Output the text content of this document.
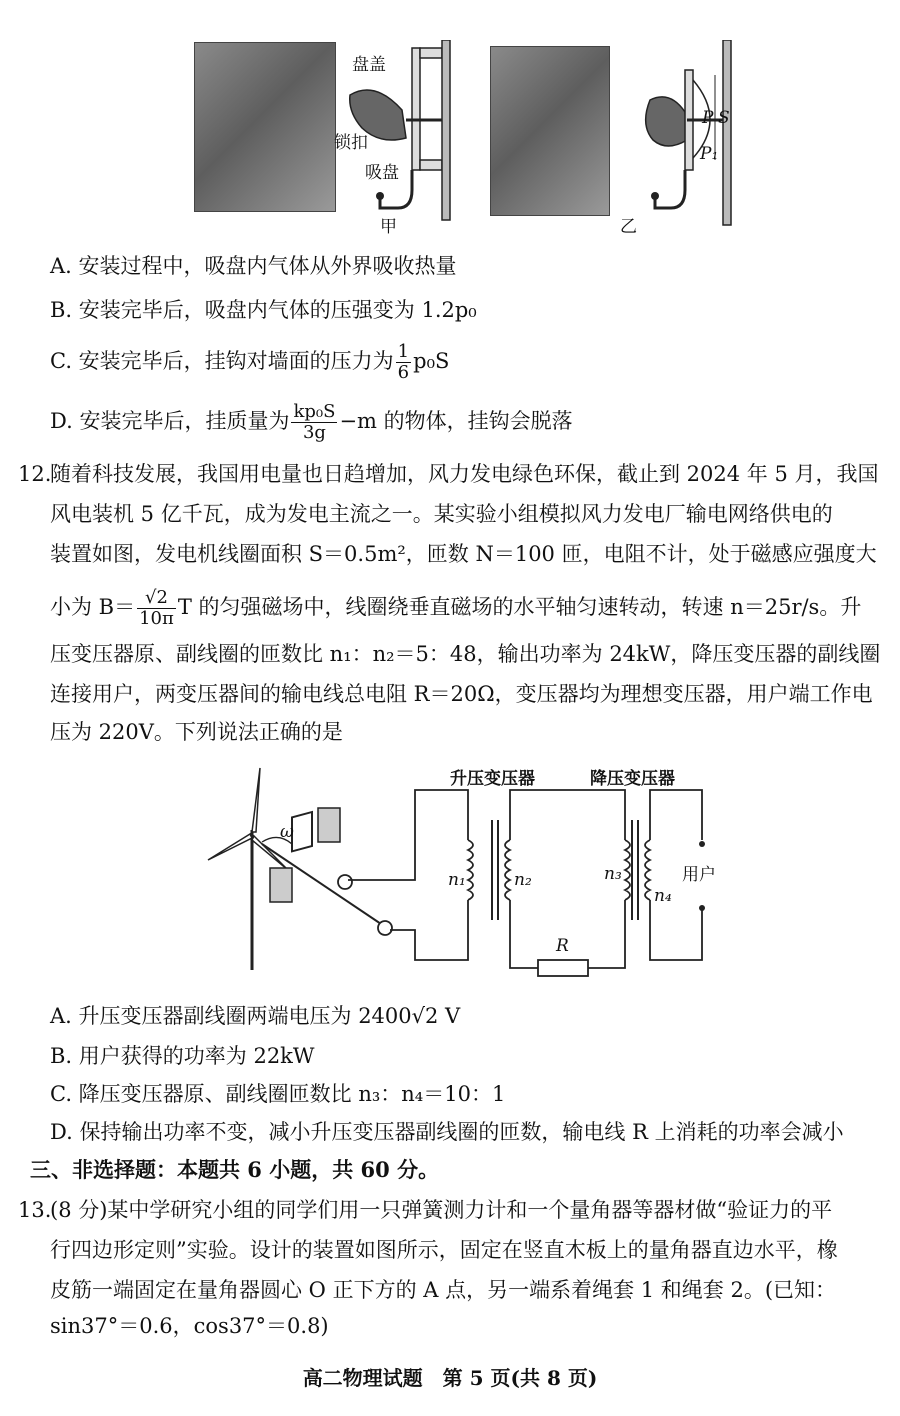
盘盖
锁扣
吸盘
甲
P S
P₁
乙
A. 安装过程中，吸盘内气体从外界吸收热量
B. 安装完毕后，吸盘内气体的压强变为 1.2p₀
C. 安装完毕后，挂钩对墙面的压力为 $\frac{1}{6} p_0S$
D. 安装完毕后，挂质量为 $\frac{\text{kp₀S}}{3g} -m$ 的物体，挂钩会脱落
12.
随着科技发展，我国用电量也日趋增加，风力发电绿色环保，截止到 2024 年 5 月，我国
风电装机 5 亿千瓦，成为发电主流之一。某实验小组模拟风力发电厂输电网络供电的
装置如图，发电机线圈面积 S＝0.5m²，匝数 N＝100 匝，电阻不计，处于磁感应强度大
小为 $B= \frac{√2}{10\pi}$ T 的匀强磁场中，线圈绕垂直磁场的水平轴匀速转动，转速 n＝25r/s。升
压变压器原、副线圈的匝数比 n₁：n₂＝5：48，输出功率为 24kW，降压变压器的副线圈
连接用户，两变压器间的输电线总电阻 R＝20Ω，变压器均为理想变压器，用户端工作电
压为 220V。下列说法正确的是
升压变压器	降压变压器
ω
n₁	n₂	n₃
n₄
用户
R
A. 升压变压器副线圈两端电压为 2400√2 V
B. 用户获得的功率为 22kW
C. 降压变压器原、副线圈匝数比 n₃：n₄＝10：1
D. 保持输出功率不变，减小升压变压器副线圈的匝数，输电线 R 上消耗的功率会减小
三、非选择题：本题共 6 小题，共 60 分。
13.
(8 分)某中学研究小组的同学们用一只弹簧测力计和一个量角器等器材做“验证力的平
行四边形定则”实验。设计的装置如图所示，固定在竖直木板上的量角器直边水平，橡
皮筋一端固定在量角器圆心 O 正下方的 A 点，另一端系着绳套 1 和绳套 2。(已知：
sin37°＝0.6，cos37°＝0.8)
高二物理试题　第 5 页(共 8 页)
